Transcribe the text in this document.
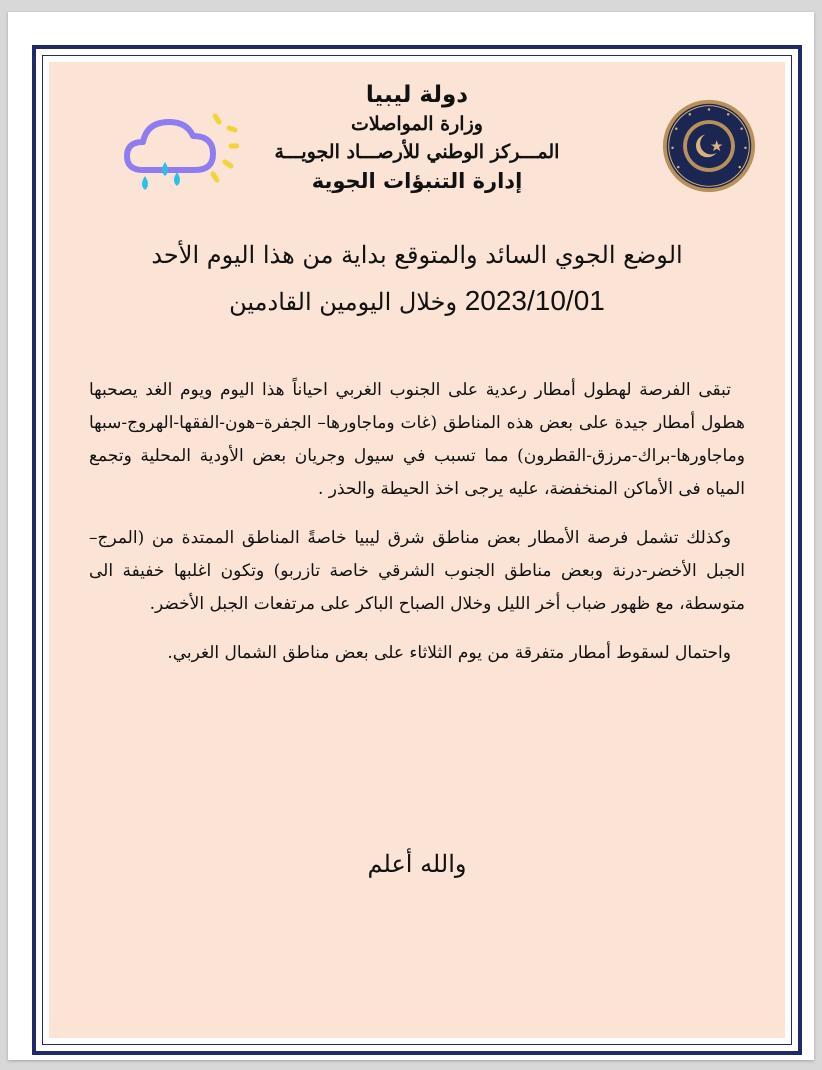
دولة ليبيا
وزارة المواصلات
المـــركز الوطني للأرصـــاد الجويـــة
إدارة التنبؤات الجوية
الوضع الجوي السائد والمتوقع بداية من هذا اليوم الأحد
2023/10/01 وخلال اليومين القادمين

تبقى الفرصة لهطول أمطار رعدية على الجنوب الغربي احياناً هذا اليوم ويوم الغد يصحبها هطول أمطار جيدة على بعض هذه المناطق (غات وماجاورها– الجفرة–هون-الفقها-الهروج-سبها وماجاورها-براك-مرزق-القطرون) مما تسبب في سيول وجريان بعض الأودية المحلية وتجمع المياه فى الأماكن المنخفضة، عليه يرجى اخذ الحيطة والحذر .

وكذلك تشمل فرصة الأمطار بعض مناطق شرق ليبيا خاصةً المناطق الممتدة من (المرج–الجبل الأخضر-درنة وبعض مناطق الجنوب الشرقي خاصة تازربو) وتكون اغلبها خفيفة الى متوسطة، مع ظهور ضباب أخر الليل وخلال الصباح الباكر على مرتفعات الجبل الأخضر.

واحتمال لسقوط أمطار متفرقة من يوم الثلاثاء على بعض مناطق الشمال الغربي.

والله أعلم
